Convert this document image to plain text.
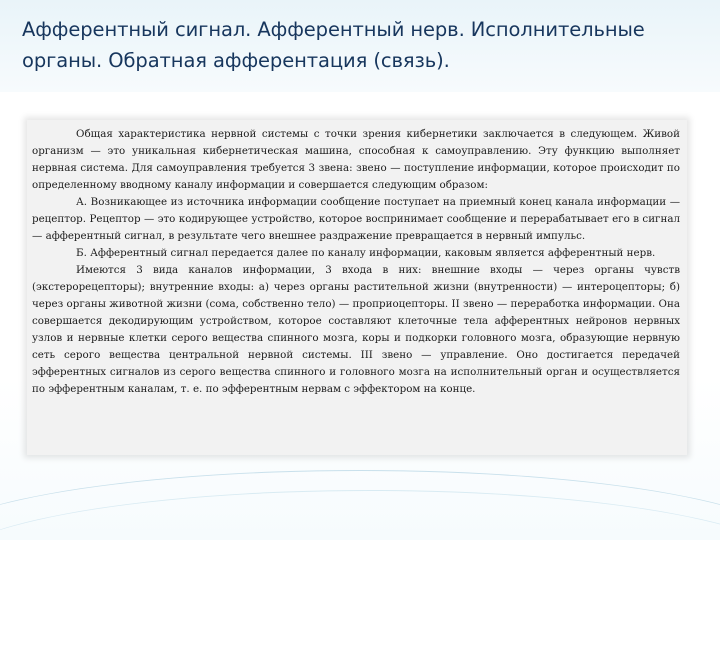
Афферентный сигнал. Афферентный нерв. Исполнительные органы. Обратная афферентация (связь).

Общая характеристика нервной системы с точки зрения кибернетики заключается в следующем. Живой организм — это уникальная кибернетическая машина, способная к самоуправлению. Эту функцию выполняет нервная система. Для самоуправления требуется 3 звена: звено — поступление информации, которое происходит по определенному вводному каналу информации и совершается следующим образом:

А. Возникающее из источника информации сообщение поступает на приемный конец канала информации — рецептор. Рецептор — это кодирующее устройство, которое воспринимает сообщение и перерабатывает его в сигнал — афферентный сигнал, в результате чего внешнее раздражение превращается в нервный импульс.

Б. Афферентный сигнал передается далее по каналу информации, каковым является афферентный нерв.

Имеются 3 вида каналов информации, 3 входа в них: внешние входы — через органы чувств (экстерорецепторы); внутренние входы: а) через органы растительной жизни (внутренности) — интероцепторы; б) через органы животной жизни (сома, собственно тело) — проприоцепторы. II звено — переработка информации. Она совершается декодирующим устройством, которое составляют клеточные тела афферентных нейронов нервных узлов и нервные клетки серого вещества спинного мозга, коры и подкорки головного мозга, образующие нервную сеть серого вещества центральной нервной системы. III звено — управление. Оно достигается передачей эфферентных сигналов из серого вещества спинного и головного мозга на исполнительный орган и осуществляется по эфферентным каналам, т. е. по эфферентным нервам с эффектором на конце.
